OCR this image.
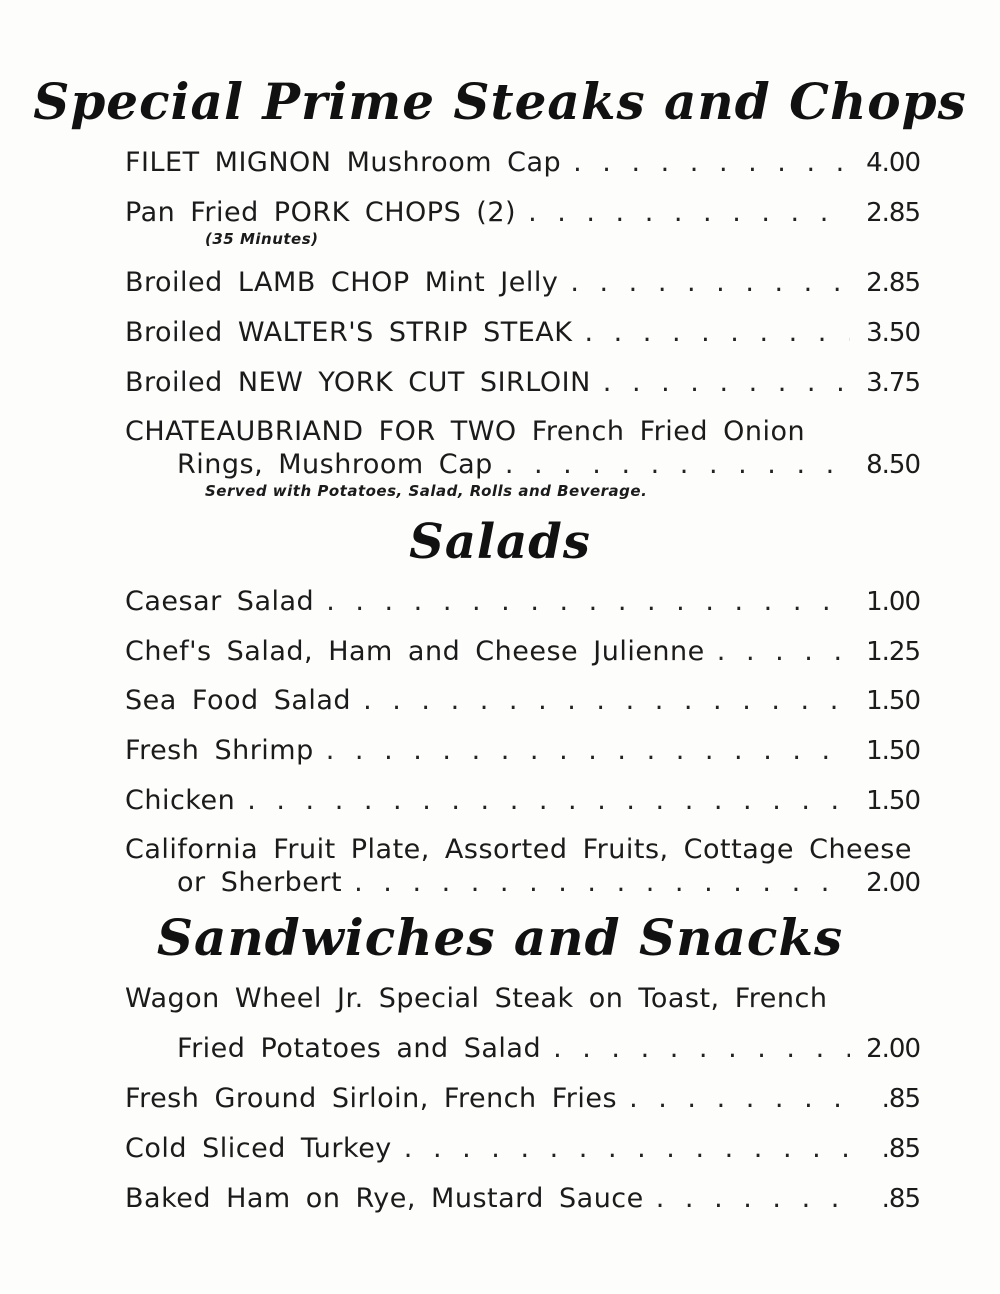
Special Prime Steaks and Chops
FILET MIGNON Mushroom Cap . . .	4.00
Pan Fried PORK CHOPS (2) . . .	2.85
(35 Minutes)
Broiled LAMB CHOP Mint Jelly . . .	2.85
Broiled WALTER'S STRIP STEAK . . .	3.50
Broiled NEW YORK CUT SIRLOIN . . .	3.75
CHATEAUBRIAND FOR TWO French Fried Onion
Rings, Mushroom Cap . . .	8.50
Served with Potatoes, Salad, Rolls and Beverage.
Salads
Caesar Salad . . .	1.00
Chef's Salad, Ham and Cheese Julienne . . .	1.25
Sea Food Salad . . .	1.50
Fresh Shrimp . . .	1.50
Chicken . . .	1.50
California Fruit Plate, Assorted Fruits, Cottage Cheese
or Sherbert . . .	2.00
Sandwiches and Snacks
Wagon Wheel Jr. Special Steak on Toast, French
Fried Potatoes and Salad . . .	2.00
Fresh Ground Sirloin, French Fries . . .	.85
Cold Sliced Turkey . . .	.85
Baked Ham on Rye, Mustard Sauce . . .	.85
